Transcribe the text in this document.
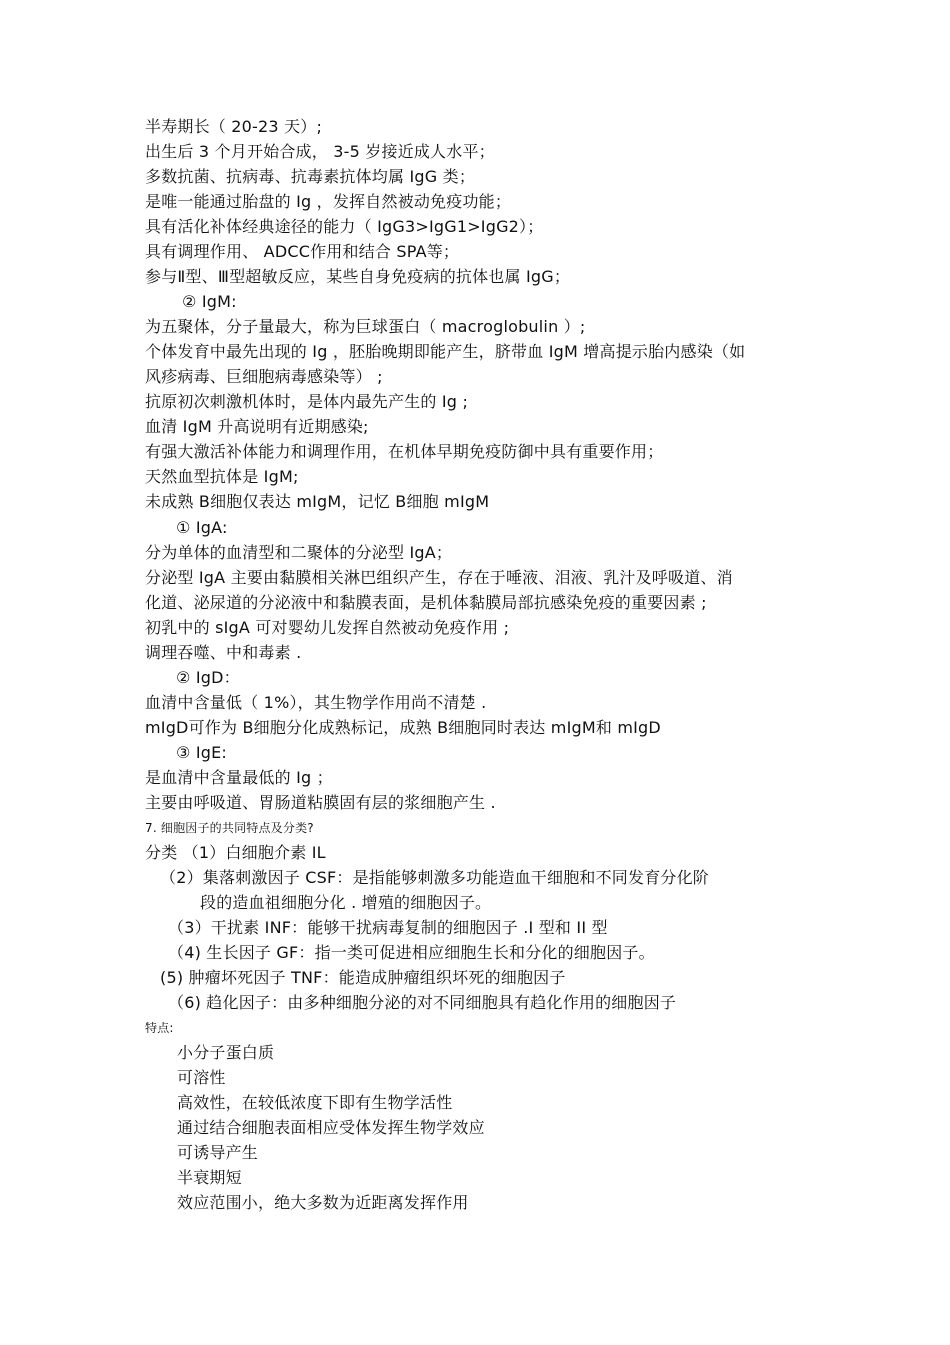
半寿期长（ 20-23 天）;
出生后 3 个月开始合成， 3-5 岁接近成人水平；
多数抗菌、抗病毒、抗毒素抗体均属 IgG 类；
是唯一能通过胎盘的 Ig ，发挥自然被动免疫功能；
具有活化补体经典途径的能力（ IgG3>IgG1>IgG2）；
具有调理作用、 ADCC作用和结合 SPA等；
参与Ⅱ型、Ⅲ型超敏反应，某些自身免疫病的抗体也属 IgG；
② IgM:
为五聚体，分子量最大，称为巨球蛋白（ macroglobulin ）;
个体发育中最先出现的 Ig ，胚胎晚期即能产生，脐带血 IgM 增高提示胎内感染（如
风疹病毒、巨细胞病毒感染等） ;
抗原初次刺激机体时，是体内最先产生的 Ig ;
血清 IgM 升高说明有近期感染;
有强大激活补体能力和调理作用，在机体早期免疫防御中具有重要作用；
天然血型抗体是 IgM;
未成熟 B细胞仅表达 mIgM，记忆 B细胞 mIgM
① IgA:
分为单体的血清型和二聚体的分泌型 IgA；
分泌型 IgA 主要由黏膜相关淋巴组织产生，存在于唾液、泪液、乳汁及呼吸道、消
化道、泌尿道的分泌液中和黏膜表面，是机体黏膜局部抗感染免疫的重要因素 ;
初乳中的 sIgA 可对婴幼儿发挥自然被动免疫作用 ;
调理吞噬、中和毒素 .
② IgD：
血清中含量低（ 1%），其生物学作用尚不清楚 .
mIgD可作为 B细胞分化成熟标记，成熟 B细胞同时表达 mIgM和 mIgD
③ IgE:
是血清中含量最低的 Ig ；
主要由呼吸道、胃肠道粘膜固有层的浆细胞产生 .
7. 细胞因子的共同特点及分类?
分类 （1）白细胞介素 IL
（2）集落刺激因子 CSF：是指能够刺激多功能造血干细胞和不同发育分化阶
段的造血祖细胞分化 . 增殖的细胞因子。
（3）干扰素 INF：能够干扰病毒复制的细胞因子 .I 型和 II 型
（4) 生长因子 GF：指一类可促进相应细胞生长和分化的细胞因子。
(5) 肿瘤坏死因子 TNF：能造成肿瘤组织坏死的细胞因子
（6) 趋化因子：由多种细胞分泌的对不同细胞具有趋化作用的细胞因子
特点:
小分子蛋白质
可溶性
高效性，在较低浓度下即有生物学活性
通过结合细胞表面相应受体发挥生物学效应
可诱导产生
半衰期短
效应范围小，绝大多数为近距离发挥作用
